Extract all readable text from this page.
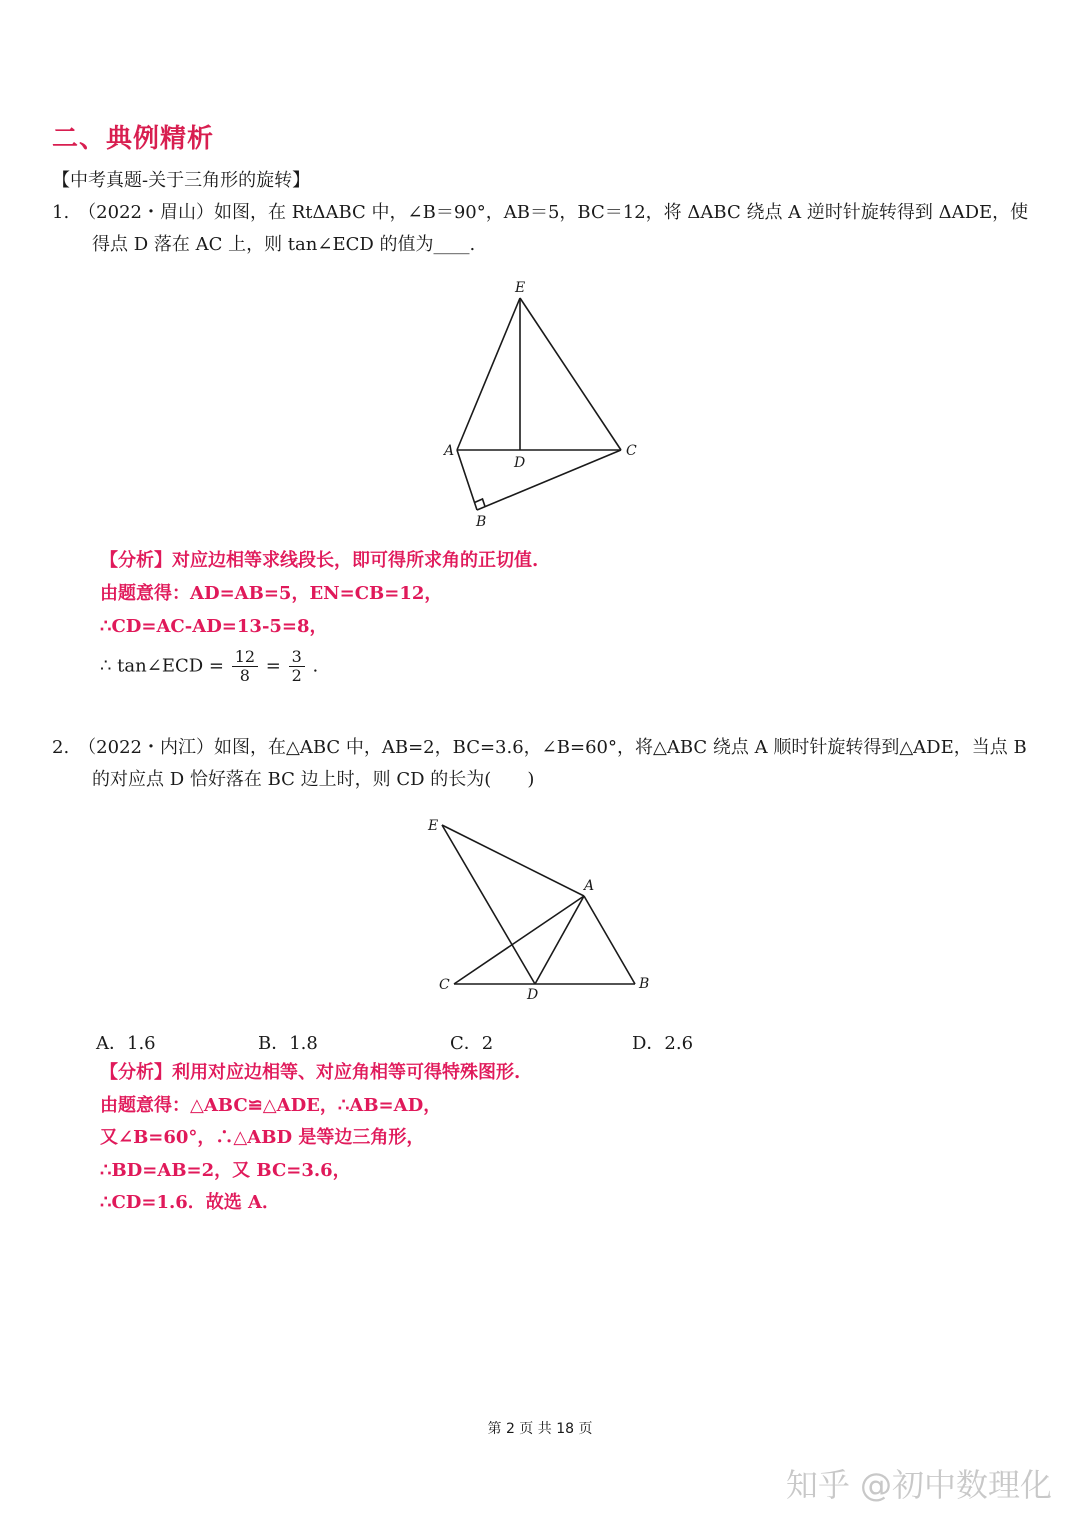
二、典例精析
【中考真题-关于三角形的旋转】
1.　（2022・眉山）如图，在 RtΔABC 中，∠B＝90°，AB＝5，BC＝12，将 ΔABC 绕点 A 逆时针旋转得到 ΔADE，使
得点 D 落在 AC 上，则 tan∠ECD 的值为____.
E
A
D
C
B
【分析】对应边相等求线段长，即可得所求角的正切值.
由题意得：AD=AB=5，EN=CB=12，
∴CD=AC-AD=13-5=8，
∴ tan∠ECD = $\frac{12}{8} = \frac{3}{2}$ .
2.　（2022・内江）如图，在△ABC 中，AB=2，BC=3.6，∠B=60°，将△ABC 绕点 A 顺时针旋转得到△ADE，当点 B
的对应点 D 恰好落在 BC 边上时，则 CD 的长为(　　)
E
A
C
D
B
A．1.6	B．1.8	C．2	D．2.6
【分析】利用对应边相等、对应角相等可得特殊图形.
由题意得：△ABC≌△ADE，∴AB=AD，
又∠B=60°，∴△ABD 是等边三角形，
∴BD=AB=2，又 BC=3.6，
∴CD=1.6．故选 A．
第 2 页 共 18 页
知乎 @初中数理化
